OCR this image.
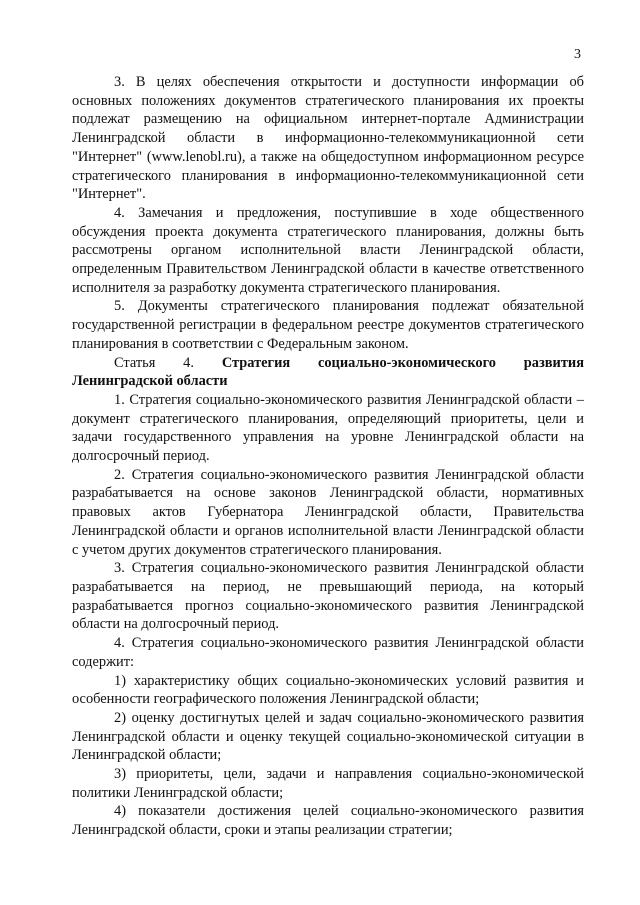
3

3. В целях обеспечения открытости и доступности информации об основных положениях документов стратегического планирования их проекты подлежат размещению на официальном интернет-портале Администрации Ленинградской области в информационно-телекоммуникационной сети "Интернет" (www.lenobl.ru), а также на общедоступном информационном ресурсе стратегического планирования в информационно-телекоммуникационной сети "Интернет".

4. Замечания и предложения, поступившие в ходе общественного обсуждения проекта документа стратегического планирования, должны быть рассмотрены органом исполнительной власти Ленинградской области, определенным Правительством Ленинградской области в качестве ответственного исполнителя за разработку документа стратегического планирования.

5. Документы стратегического планирования подлежат обязательной государственной регистрации в федеральном реестре документов стратегического планирования в соответствии с Федеральным законом.

Статья 4. Стратегия социально-экономического развития Ленинградской области

1. Стратегия социально-экономического развития Ленинградской области – документ стратегического планирования, определяющий приоритеты, цели и задачи государственного управления на уровне Ленинградской области на долгосрочный период.

2. Стратегия социально-экономического развития Ленинградской области разрабатывается на основе законов Ленинградской области, нормативных правовых актов Губернатора Ленинградской области, Правительства Ленинградской области и органов исполнительной власти Ленинградской области с учетом других документов стратегического планирования.

3. Стратегия социально-экономического развития Ленинградской области разрабатывается на период, не превышающий периода, на который разрабатывается прогноз социально-экономического развития Ленинградской области на долгосрочный период.

4. Стратегия социально-экономического развития Ленинградской области содержит:

1) характеристику общих социально-экономических условий развития и особенности географического положения Ленинградской области;

2) оценку достигнутых целей и задач социально-экономического развития Ленинградской области и оценку текущей социально-экономической ситуации в Ленинградской области;

3) приоритеты, цели, задачи и направления социально-экономической политики Ленинградской области;

4) показатели достижения целей социально-экономического развития Ленинградской области, сроки и этапы реализации стратегии;
